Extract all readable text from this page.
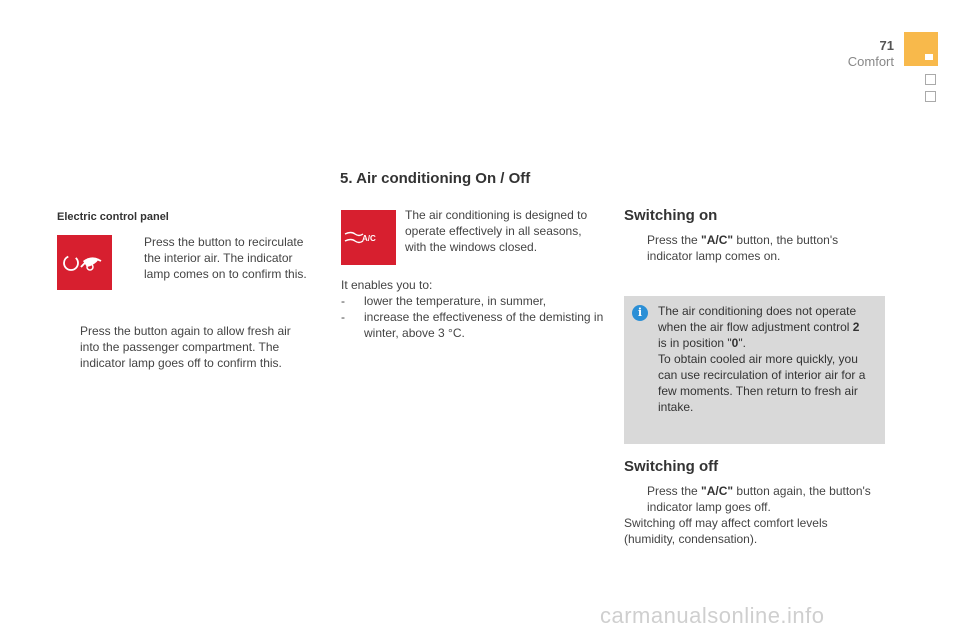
71
Comfort
5. Air conditioning On / Off
Electric control panel
Press the button to recirculate the interior air. The indicator lamp comes on to confirm this.
Press the button again to allow fresh air into the passenger compartment. The indicator lamp goes off to confirm this.
A/C
The air conditioning is designed to operate effectively in all seasons, with the windows closed.
It enables you to:
- lower the temperature, in summer,
- increase the effectiveness of the demisting in winter, above 3 °C.
Switching on
Press the "A/C" button, the button's indicator lamp comes on.
i	The air conditioning does not operate when the air flow adjustment control 2 is in position "0".
To obtain cooled air more quickly, you can use recirculation of interior air for a few moments. Then return to fresh air intake.
Switching off
Press the "A/C" button again, the button's indicator lamp goes off.
Switching off may affect comfort levels (humidity, condensation).
carmanualsonline.info
